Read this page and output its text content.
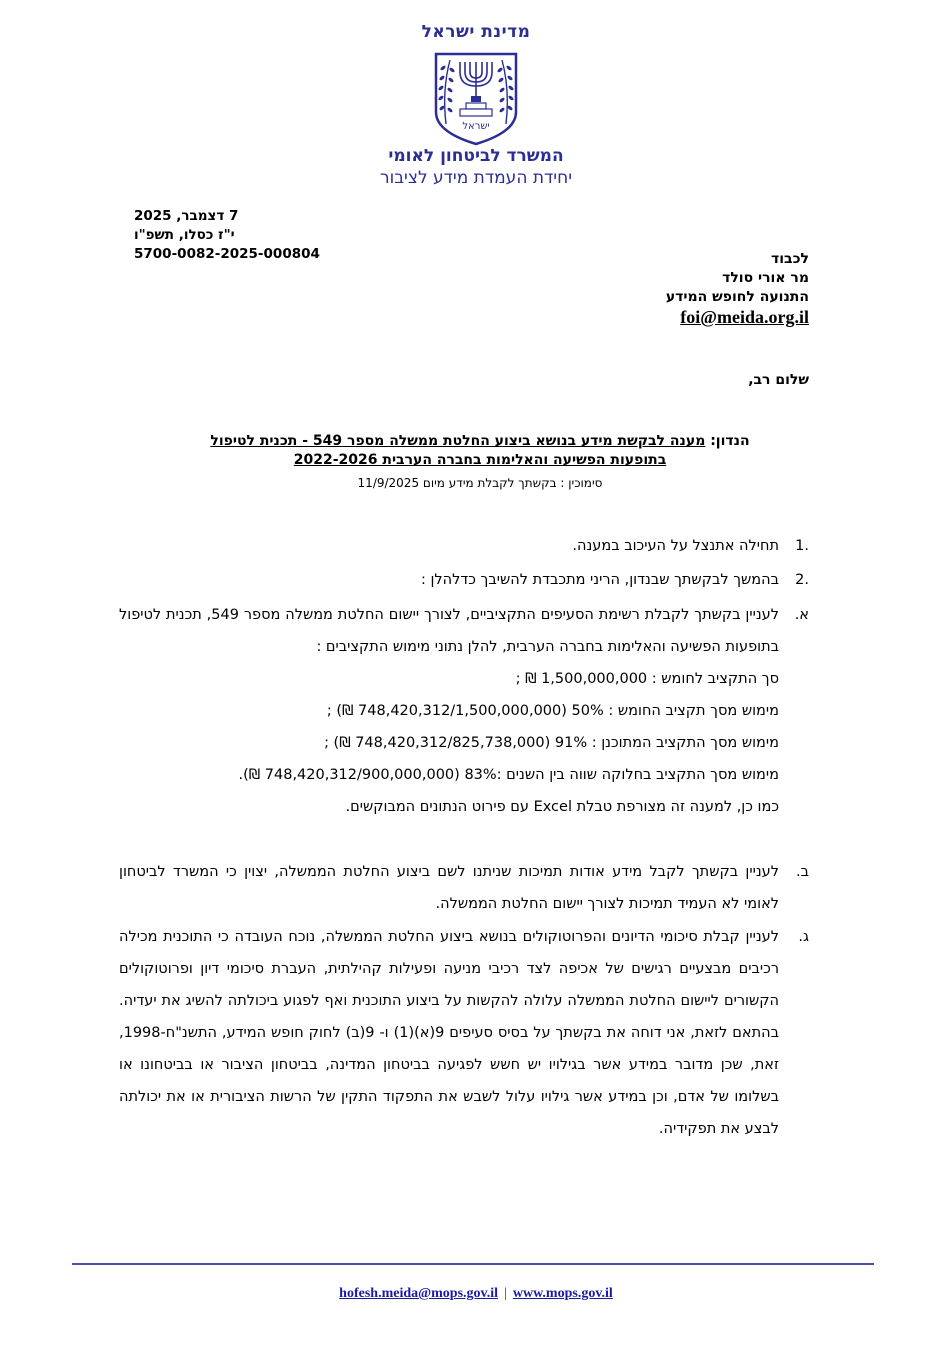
מדינת ישראל
ישראל
המשרד לביטחון לאומי
יחידת העמדת מידע לציבור
7 דצמבר, 2025
י"ז כסלו, תשפ"ו
5700-0082-2025-000804	לכבוד
מר אורי סולד
התנועה לחופש המידע
foi@meida.org.il
שלום רב,
הנדון: מענה לבקשת מידע בנושא ביצוע החלטת ממשלה מספר 549 - תכנית לטיפול
בתופעות הפשיעה והאלימות בחברה הערבית 2022-2026
סימוכין : בקשתך לקבלת מידע מיום 11/9/2025
.1

תחילה אתנצל על העיכוב במענה.

.2

בהמשך לבקשתך שבנדון, הריני מתכבדת להשיבך כדלהלן :

א.

לעניין בקשתך לקבלת רשימת הסעיפים התקציביים, לצורך יישום החלטת ממשלה מספר 549, תכנית לטיפול בתופעות הפשיעה והאלימות בחברה הערבית, להלן נתוני מימוש התקציבים :

סך התקציב לחומש : 1,500,000,000 ₪ ;

מימוש מסך תקציב החומש : 50% (748,420,312/1,500,000,000 ₪) ;

מימוש מסך התקציב המתוכנן : 91% (748,420,312/825,738,000 ₪) ;

מימוש מסך התקציב בחלוקה שווה בין השנים :83% (748,420,312/900,000,000 ₪).

כמו כן, למענה זה מצורפת טבלת Excel עם פירוט הנתונים המבוקשים.

ב.

לעניין בקשתך לקבל מידע אודות תמיכות שניתנו לשם ביצוע החלטת הממשלה, יצוין כי המשרד לביטחון לאומי לא העמיד תמיכות לצורך יישום החלטת הממשלה.

ג.

לעניין קבלת סיכומי הדיונים והפרוטוקולים בנושא ביצוע החלטת הממשלה, נוכח העובדה כי התוכנית מכילה רכיבים מבצעיים רגישים של אכיפה לצד רכיבי מניעה ופעילות קהילתית, העברת סיכומי דיון ופרוטוקולים הקשורים ליישום החלטת הממשלה עלולה להקשות על ביצוע התוכנית ואף לפגוע ביכולתה להשיג את יעדיה. בהתאם לזאת, אני דוחה את בקשתך על בסיס סעיפים 9(א)(1) ו- 9(ב) לחוק חופש המידע, התשנ"ח-1998, זאת, שכן מדובר במידע אשר בגילויו יש חשש לפגיעה בביטחון המדינה, בביטחון הציבור או בביטחונו או בשלומו של אדם, וכן במידע אשר גילויו עלול לשבש את התפקוד התקין של הרשות הציבורית או את יכולתה לבצע את תפקידיה.

hofesh.meida@mops.gov.il | www.mops.gov.il
